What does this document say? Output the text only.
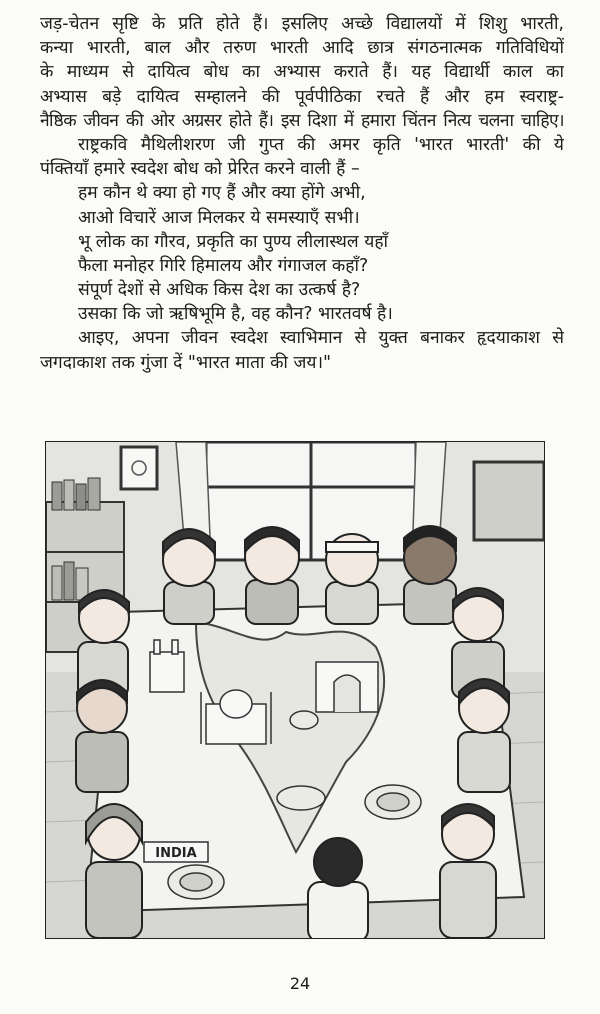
जड़-चेतन सृष्टि के प्रति होते हैं। इसलिए अच्छे विद्यालयों में शिशु भारती,
कन्या भारती, बाल और तरुण भारती आदि छात्र संगठनात्मक गतिविधियों
के माध्यम से दायित्व बोध का अभ्यास कराते हैं। यह विद्यार्थी काल का
अभ्यास बड़े दायित्व सम्हालने की पूर्वपीठिका रचते हैं और हम स्वराष्ट्र-
नैष्ठिक जीवन की ओर अग्रसर होते हैं। इस दिशा में हमारा चिंतन नित्य चलना चाहिए।
राष्ट्रकवि मैथिलीशरण जी गुप्त की अमर कृति 'भारत भारती' की ये
पंक्तियाँ हमारे स्वदेश बोध को प्रेरित करने वाली हैं –
हम कौन थे क्या हो गए हैं और क्या होंगे अभी,
आओ विचारें आज मिलकर ये समस्याएँ सभी।
भू लोक का गौरव, प्रकृति का पुण्य लीलास्थल यहाँ
फैला मनोहर गिरि हिमालय और गंगाजल कहाँ?
संपूर्ण देशों से अधिक किस देश का उत्कर्ष है?
उसका कि जो ऋषिभूमि है, वह कौन? भारतवर्ष है।
आइए, अपना जीवन स्वदेश स्वाभिमान से युक्त बनाकर हृदयाकाश से
जगदाकाश तक गुंजा दें "भारत माता की जय।"
INDIA
24
